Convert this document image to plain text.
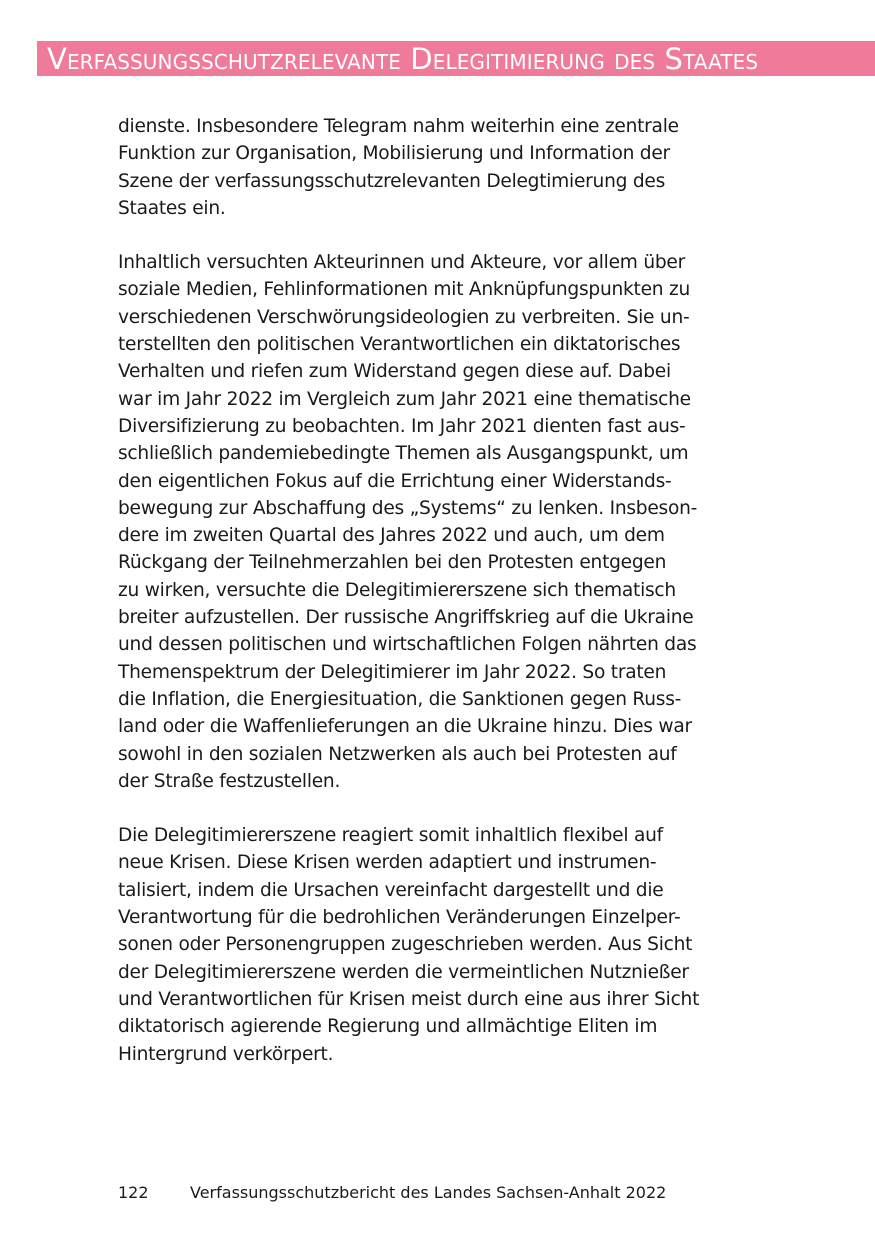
Verfassungsschutzrelevante Delegitimierung des Staates

dienste. Insbesondere Telegram nahm weiterhin eine zentrale
Funktion zur Organisation, Mobilisierung und Information der
Szene der verfassungsschutzrelevanten Delegtimierung des
Staates ein.

Inhaltlich versuchten Akteurinnen und Akteure, vor allem über
soziale Medien, Fehlinformationen mit Anknüpfungspunkten zu
verschiedenen Verschwörungsideologien zu verbreiten. Sie un-
terstellten den politischen Verantwortlichen ein diktatorisches
Verhalten und riefen zum Widerstand gegen diese auf. Dabei
war im Jahr 2022 im Vergleich zum Jahr 2021 eine thematische
Diversifizierung zu beobachten. Im Jahr 2021 dienten fast aus-
schließlich pandemiebedingte Themen als Ausgangspunkt, um
den eigentlichen Fokus auf die Errichtung einer Widerstands-
bewegung zur Abschaffung des „Systems“ zu lenken. Insbeson-
dere im zweiten Quartal des Jahres 2022 und auch, um dem
Rückgang der Teilnehmerzahlen bei den Protesten entgegen
zu wirken, versuchte die Delegitimiererszene sich thematisch
breiter aufzustellen. Der russische Angriffskrieg auf die Ukraine
und dessen politischen und wirtschaftlichen Folgen nährten das
Themenspektrum der Delegitimierer im Jahr 2022. So traten
die Inflation, die Energiesituation, die Sanktionen gegen Russ-
land oder die Waffenlieferungen an die Ukraine hinzu. Dies war
sowohl in den sozialen Netzwerken als auch bei Protesten auf
der Straße festzustellen.

Die Delegitimiererszene reagiert somit inhaltlich flexibel auf
neue Krisen. Diese Krisen werden adaptiert und instrumen-
talisiert, indem die Ursachen vereinfacht dargestellt und die
Verantwortung für die bedrohlichen Veränderungen Einzelper-
sonen oder Personengruppen zugeschrieben werden. Aus Sicht
der Delegitimiererszene werden die vermeintlichen Nutznießer
und Verantwortlichen für Krisen meist durch eine aus ihrer Sicht
diktatorisch agierende Regierung und allmächtige Eliten im
Hintergrund verkörpert.

122	Verfassungsschutzbericht des Landes Sachsen-Anhalt 2022
